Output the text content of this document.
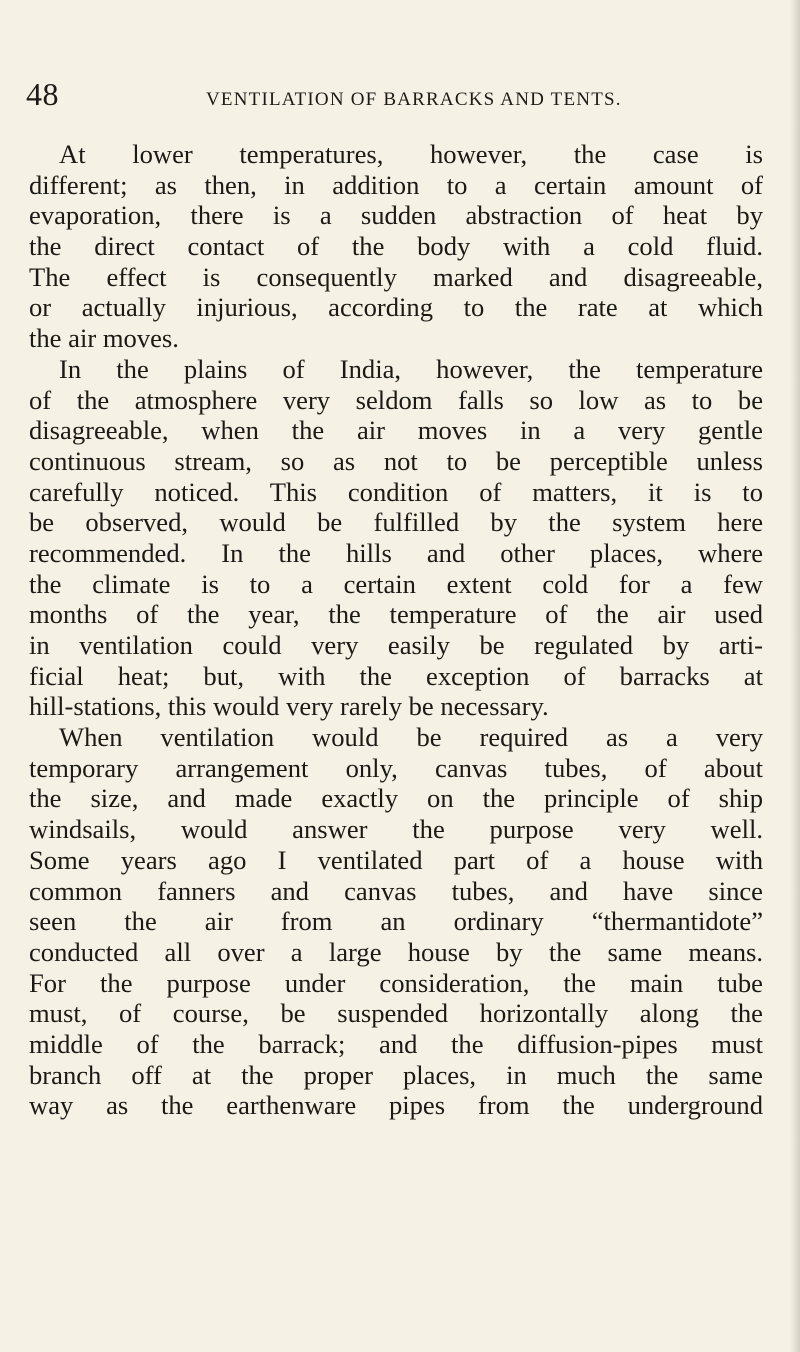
48	VENTILATION OF BARRACKS AND TENTS.
At lower temperatures, however, the case is
different; as then, in addition to a certain amount of
evaporation, there is a sudden abstraction of heat by
the direct contact of the body with a cold fluid.
The effect is consequently marked and disagreeable,
or actually injurious, according to the rate at which
the air moves.
In the plains of India, however, the temperature
of the atmosphere very seldom falls so low as to be
disagreeable, when the air moves in a very gentle
continuous stream, so as not to be perceptible unless
carefully noticed. This condition of matters, it is to
be observed, would be fulfilled by the system here
recommended. In the hills and other places, where
the climate is to a certain extent cold for a few
months of the year, the temperature of the air used
in ventilation could very easily be regulated by arti-
ficial heat; but, with the exception of barracks at
hill-stations, this would very rarely be necessary.
When ventilation would be required as a very
temporary arrangement only, canvas tubes, of about
the size, and made exactly on the principle of ship
windsails, would answer the purpose very well.
Some years ago I ventilated part of a house with
common fanners and canvas tubes, and have since
seen the air from an ordinary “thermantidote”
conducted all over a large house by the same means.
For the purpose under consideration, the main tube
must, of course, be suspended horizontally along the
middle of the barrack; and the diffusion-pipes must
branch off at the proper places, in much the same
way as the earthenware pipes from the underground
